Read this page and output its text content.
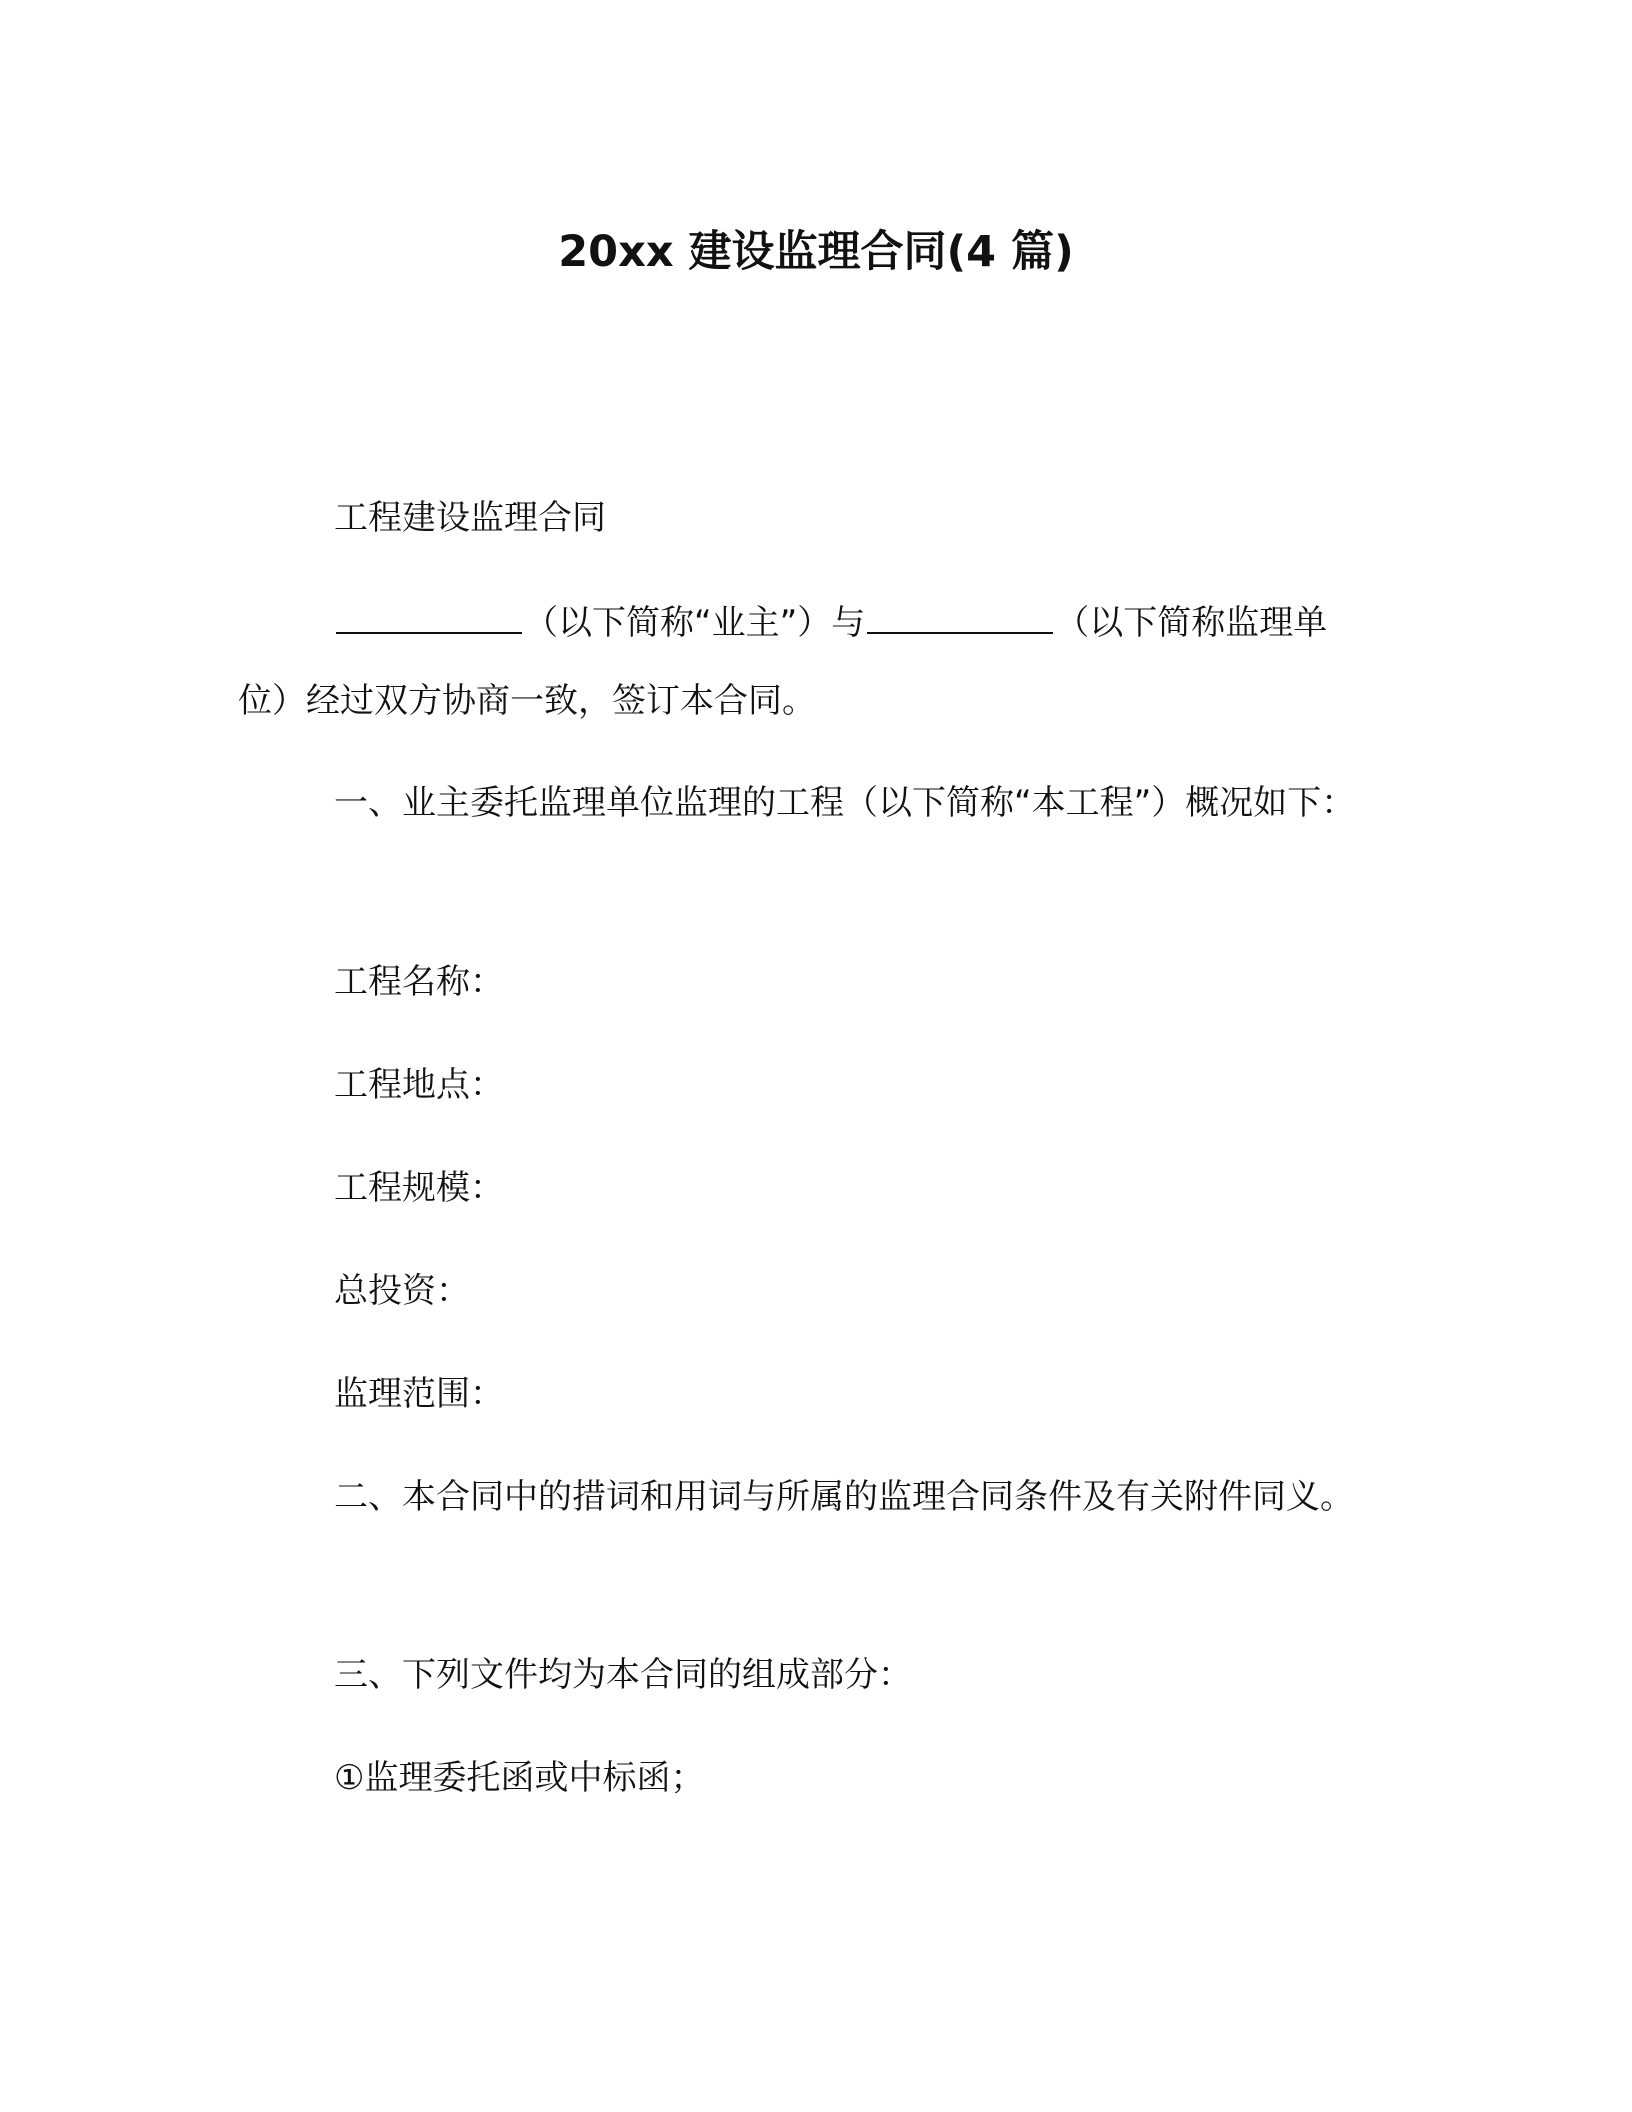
20xx 建设监理合同(4 篇)
工程建设监理合同

（以下简称“业主”）与	（以下简称监理单位）经过双方协商一致，签订本合同。

一、业主委托监理单位监理的工程（以下简称“本工程”）概况如下：

工程名称：
工程地点：
工程规模：
总投资：
监理范围：

二、本合同中的措词和用词与所属的监理合同条件及有关附件同义。

三、下列文件均为本合同的组成部分：
①监理委托函或中标函；
